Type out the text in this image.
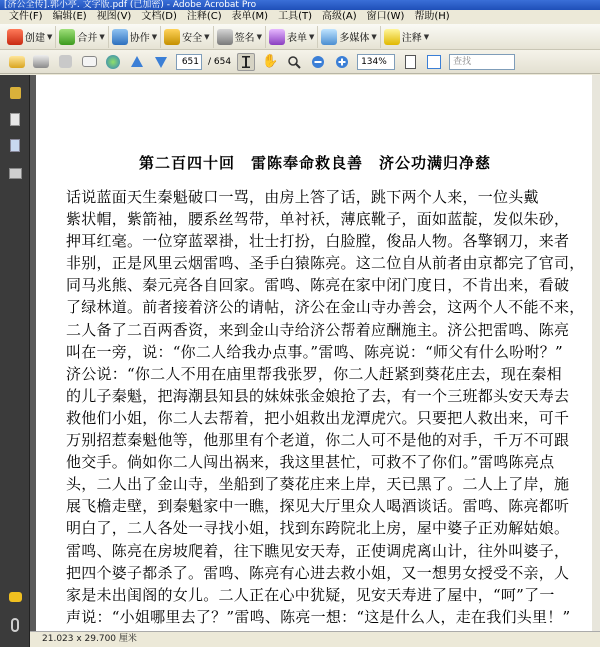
[济公全传].郭小亭. 文字版.pdf (已加密) - Adobe Acrobat Pro
文件(F)	编辑(E)	视图(V)	文档(D)	注释(C)	表单(M)	工具(T)	高级(A)	窗口(W)	帮助(H)
创建 ▼	合并 ▼	协作 ▼	安全 ▼	签名 ▼	表单 ▼	多媒体 ▼	注释 ▼
651	/ 654 ✋	134%	查找
第二百四十回　雷陈奉命救良善　济公功满归净慈
话说蓝面天生秦魁破口一骂，由房上答了话，跳下两个人来，一位头戴
紫状帽，紫箭袖，腰系丝驾带，单衬袄，薄底靴子，面如蓝靛，发似朱砂，
押耳红毫。一位穿蓝翠褂，壮士打扮，白脸膛，俊品人物。各擎钢刀，来者
非别，正是风里云烟雷鸣、圣手白猿陈亮。这二位自从前者由京都完了官司，
同马兆熊、秦元亮各自回家。雷鸣、陈亮在家中闭门度日，不肯出来，看破
了绿林道。前者接着济公的请帖，济公在金山寺办善会，这两个人不能不来，
二人备了二百两香资，来到金山寺给济公帮着应酬施主。济公把雷鸣、陈亮
叫在一旁，说：“你二人给我办点事。”雷鸣、陈亮说：“师父有什么吩咐？”
济公说：“你二人不用在庙里帮我张罗，你二人赶紧到葵花庄去，现在秦相
的儿子秦魁，把海潮县知县的妹妹张金娘抢了去，有一个三班都头安天寿去
救他们小姐，你二人去帮着，把小姐救出龙潭虎穴。只要把人救出来，可千
万别招惹秦魁他等，他那里有个老道，你二人可不是他的对手，千万不可跟
他交手。倘如你二人闯出祸来，我这里甚忙，可救不了你们。”雷鸣陈亮点
头，二人出了金山寺，坐船到了葵花庄来上岸，天已黑了。二人上了岸，施
展飞檐走壁，到秦魁家中一瞧，探见大厅里众人喝酒谈话。雷鸣、陈亮都听
明白了，二人各处一寻找小姐，找到东跨院北上房，屋中婆子正劝解姑娘。
雷鸣、陈亮在房坡爬着，往下瞧见安天寿，正使调虎离山计，往外叫婆子，
把四个婆子都杀了。雷鸣、陈亮有心进去救小姐，又一想男女授受不亲，人
家是未出闺阁的女儿。二人正在心中犹疑，见安天寿进了屋中，“呵”了一
声说：“小姐哪里去了？”雷鸣、陈亮一想：“这是什么人，走在我们头里！”
21.023 x 29.700 厘米
